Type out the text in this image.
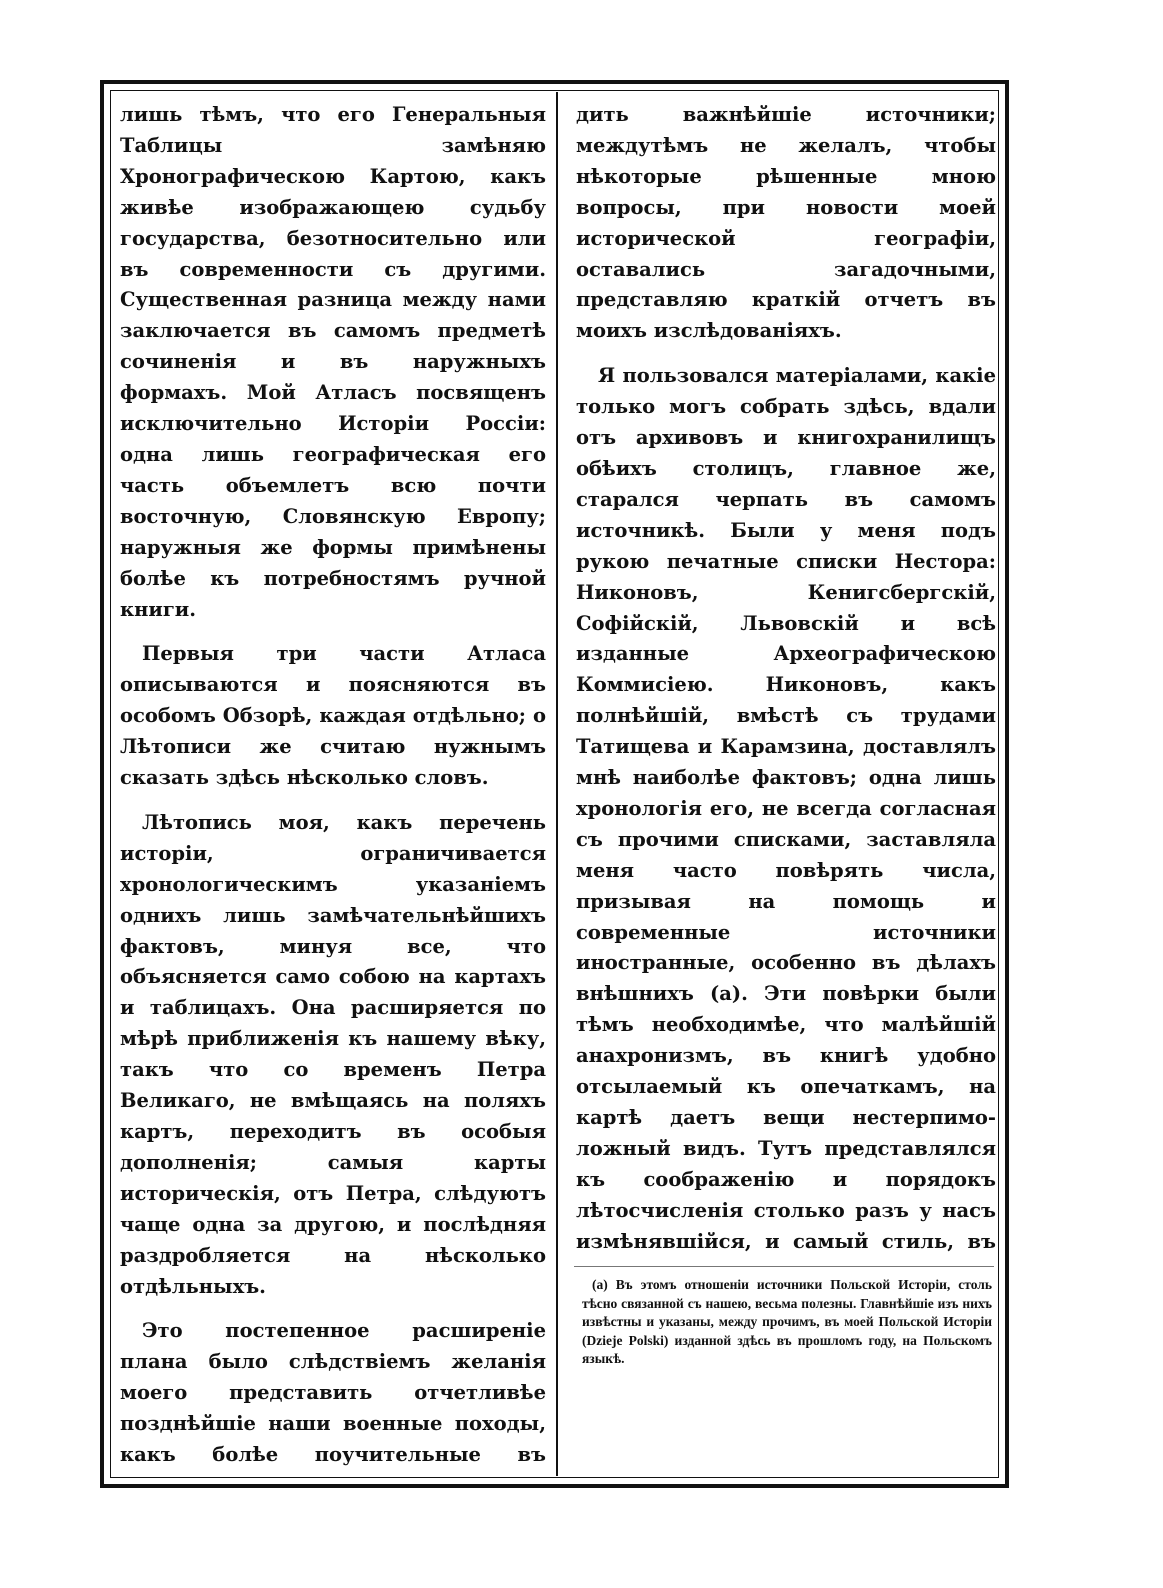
лишь тѣмъ, что его Генеральныя Таблицы замѣняю Хронографическою Картою, какъ живѣе изображающею судьбу государства, безотносительно или въ современности съ другими. Существенная разница между нами заключается въ самомъ предметѣ сочиненія и въ наружныхъ формахъ. Мой Атласъ посвященъ исключительно Исторіи Россіи: одна лишь географическая его часть объемлетъ всю почти восточную, Словянскую Европу; наружныя же формы примѣнены болѣе къ потребностямъ ручной книги.

Первыя три части Атласа описываются и поясняются въ особомъ Обзорѣ, каждая отдѣльно; о Лѣтописи же считаю нужнымъ сказать здѣсь нѣсколько словъ.

Лѣтопись моя, какъ перечень исторіи, ограничивается хронологическимъ указаніемъ однихъ лишь замѣчательнѣйшихъ фактовъ, минуя все, что объясняется само собою на картахъ и таблицахъ. Она расширяется по мѣрѣ приближенія къ нашему вѣку, такъ что со временъ Петра Великаго, не вмѣщаясь на поляхъ картъ, переходитъ въ особыя дополненія; самыя карты историческія, отъ Петра, слѣдуютъ чаще одна за другою, и послѣдняя раздробляется на нѣсколько отдѣльныхъ.

Это постепенное расширеніе плана было слѣдствіемъ желанія моего представить отчетливѣе позднѣйшіе наши военные походы, какъ болѣе поучительные въ

дить важнѣйшіе источники; междутѣмъ не желалъ, чтобы нѣкоторые рѣшенные мною вопросы, при новости моей исторической географіи, оставались загадочными, представляю краткій отчетъ въ моихъ изслѣдованіяхъ.

Я пользовался матеріалами, какіе только могъ собрать здѣсь, вдали отъ архивовъ и книгохранилищъ обѣихъ столицъ, главное же, старался черпать въ самомъ источникѣ. Были у меня подъ рукою печатные списки Нестора: Никоновъ, Кенигсбергскій, Софійскій, Львовскій и всѣ изданные Археографическою Коммисіею. Никоновъ, какъ полнѣйшій, вмѣстѣ съ трудами Татищева и Карамзина, доставлялъ мнѣ наиболѣе фактовъ; одна лишь хронологія его, не всегда согласная съ прочими списками, заставляла меня часто повѣрять числа, призывая на помощь и современные источники иностранные, особенно въ дѣлахъ внѣшнихъ (а). Эти повѣрки были тѣмъ необходимѣе, что малѣйшій анахронизмъ, въ книгѣ удобно отсылаемый къ опечаткамъ, на картѣ даетъ вещи нестерпимо-ложный видъ. Тутъ представлялся къ соображенію и порядокъ лѣтосчисленія столько разъ у насъ измѣнявшійся, и самый стиль, въ

(а) Въ этомъ отношеніи источники Польской Исторіи, столь тѣсно связанной съ нашею, весьма полезны. Главнѣйшіе изъ нихъ извѣстны и указаны, между прочимъ, въ моей Польской Исторіи (Dzieje Polski) изданной здѣсь въ прошломъ году, на Польскомъ языкѣ.
